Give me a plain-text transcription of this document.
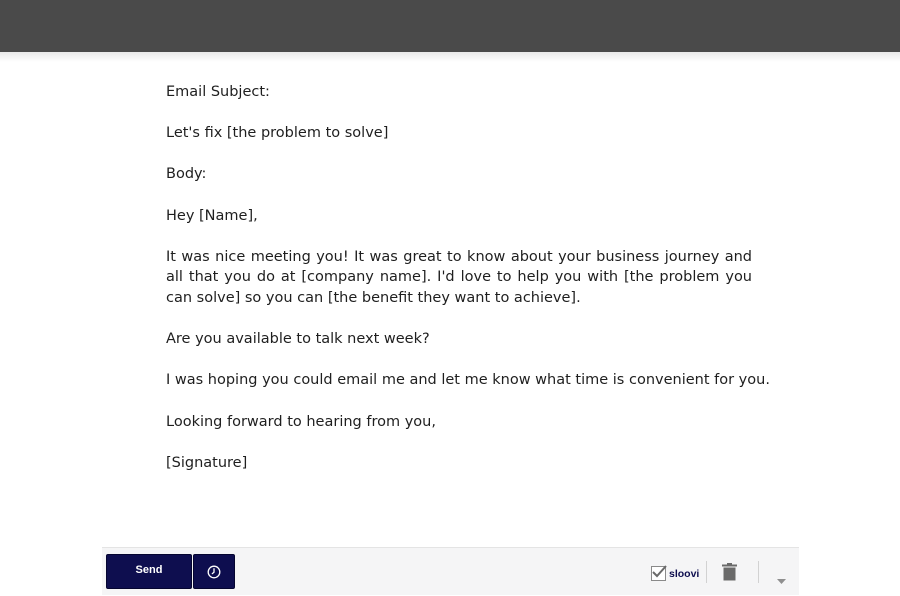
Email Subject:

Let's fix [the problem to solve]

Body:

Hey [Name],

It was nice meeting you! It was great to know about your business journey and all that you do at [company name]. I'd love to help you with [the problem you can solve] so you can [the benefit they want to achieve].

Are you available to talk next week?

I was hoping you could email me and let me know what time is convenient for you.

Looking forward to hearing from you,

[Signature]

Send	sloovi
